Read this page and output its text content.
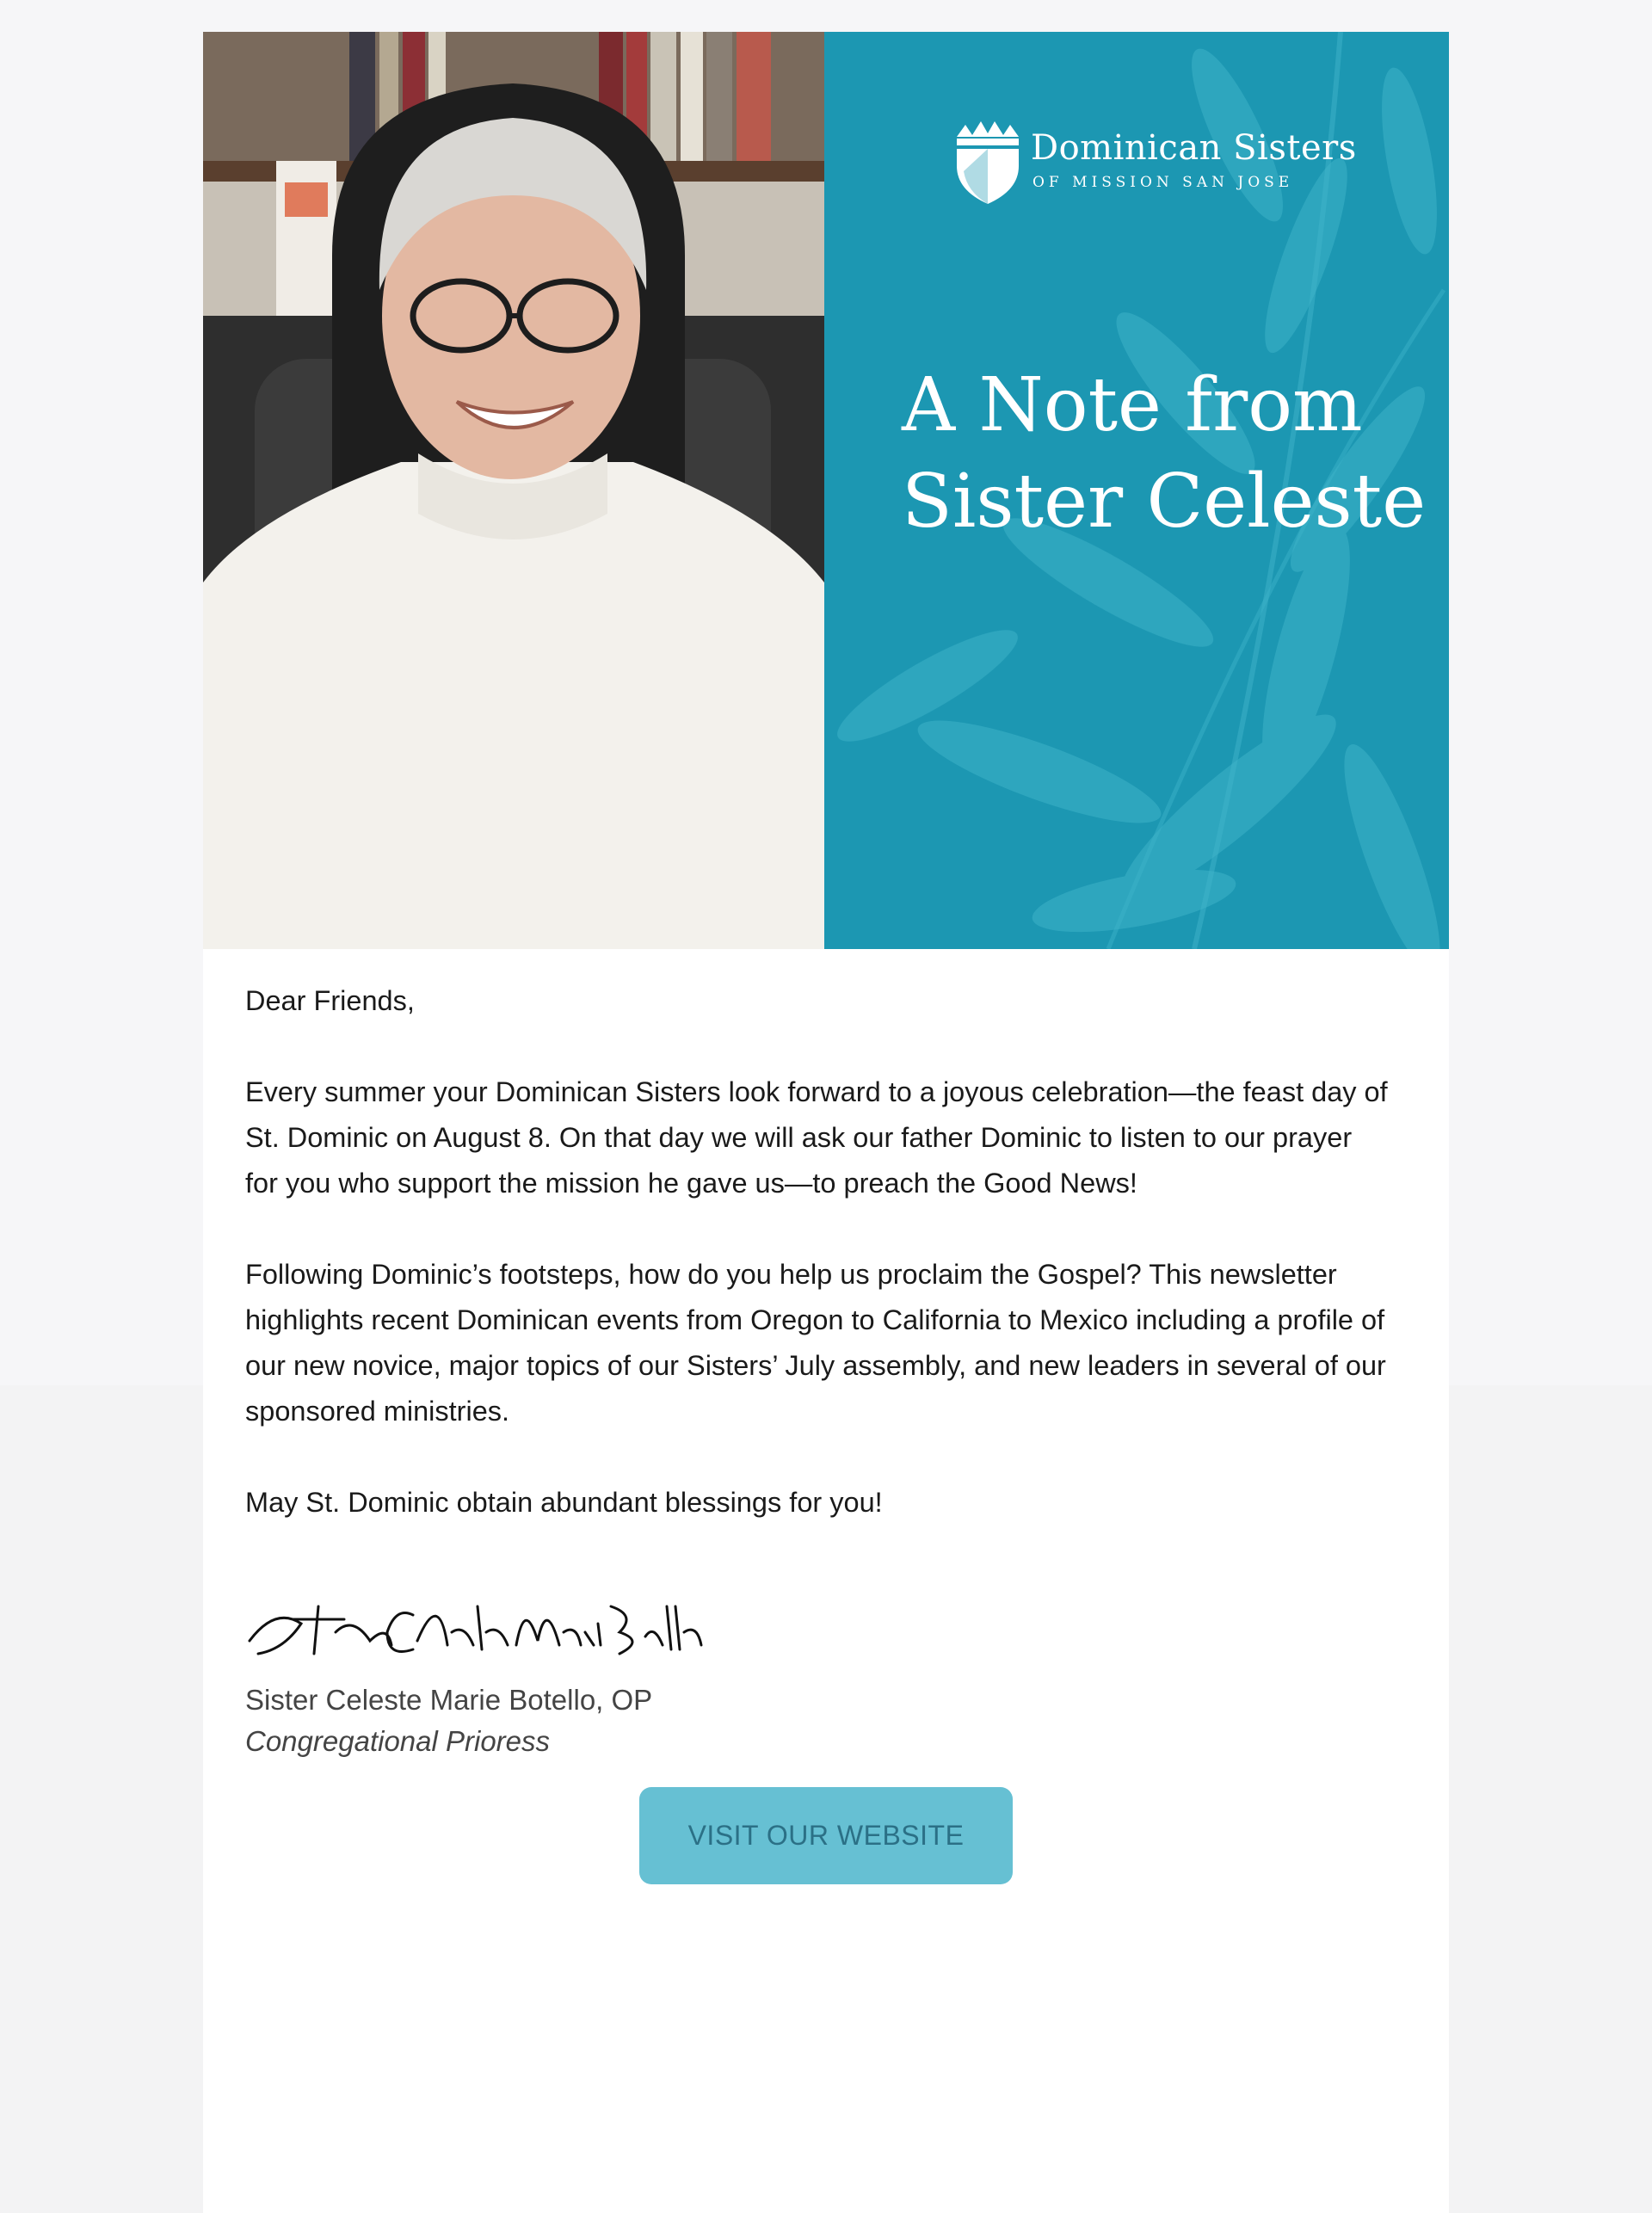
Dominican Sisters
OF MISSION SAN JOSE
A Note from
Sister Celeste

Dear Friends,

Every summer your Dominican Sisters look forward to a joyous celebration—the feast day of St. Dominic on August 8. On that day we will ask our father Dominic to listen to our prayer for you who support the mission he gave us—to preach the Good News!

Following Dominic’s footsteps, how do you help us proclaim the Gospel? This newsletter highlights recent Dominican events from Oregon to California to Mexico including a profile of our new novice, major topics of our Sisters’ July assembly, and new leaders in several of our sponsored ministries.

May St. Dominic obtain abundant blessings for you!

Sister Celeste Marie Botello, OP
Congregational Prioress
VISIT OUR WEBSITE
